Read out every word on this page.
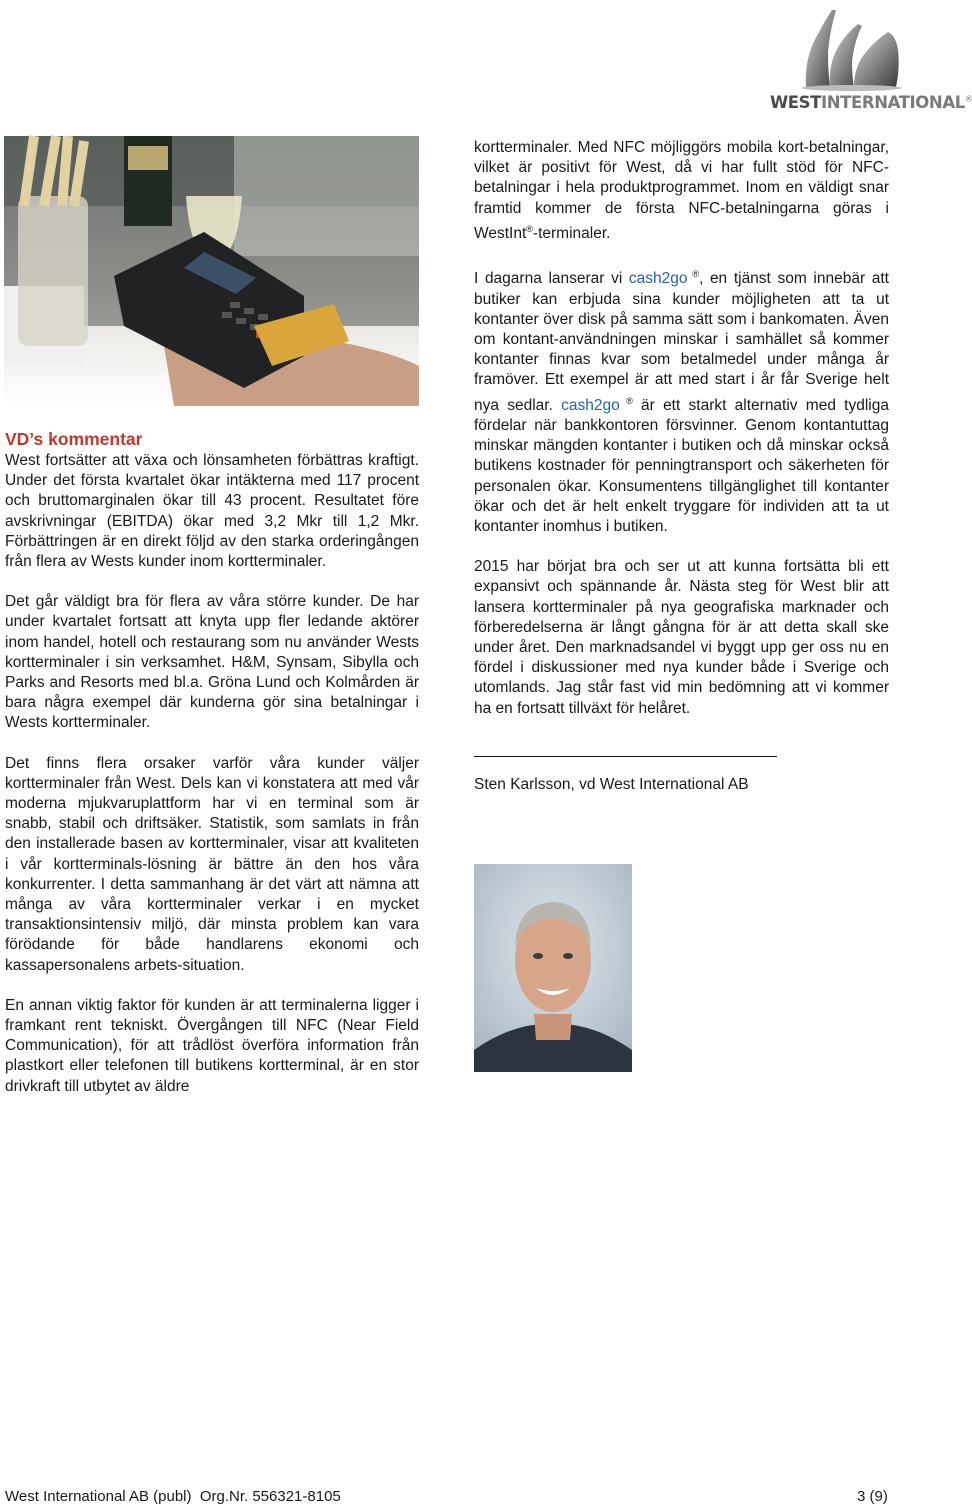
WESTINTERNATIONAL®
VD’s kommentar

West fortsätter att växa och lönsamheten förbättras kraftigt. Under det första kvartalet ökar intäkterna med 117 procent och bruttomarginalen ökar till 43 procent. Resultatet före avskrivningar (EBITDA) ökar med 3,2 Mkr till 1,2 Mkr. Förbättringen är en direkt följd av den starka orderingången från flera av Wests kunder inom kortterminaler.

Det går väldigt bra för flera av våra större kunder. De har under kvartalet fortsatt att knyta upp fler ledande aktörer inom handel, hotell och restaurang som nu använder Wests kortterminaler i sin verksamhet. H&M, Synsam, Sibylla och Parks and Resorts med bl.a. Gröna Lund och Kolmården är bara några exempel där kunderna gör sina betalningar i Wests kortterminaler.

Det finns flera orsaker varför våra kunder väljer kortterminaler från West. Dels kan vi konstatera att med vår moderna mjukvaruplattform har vi en terminal som är snabb, stabil och driftsäker. Statistik, som samlats in från den installerade basen av kortterminaler, visar att kvaliteten i vår kortterminals-lösning är bättre än den hos våra konkurrenter. I detta sammanhang är det värt att nämna att många av våra kortterminaler verkar i en mycket transaktionsintensiv miljö, där minsta problem kan vara förödande för både handlarens ekonomi och kassapersonalens arbets-situation.

En annan viktig faktor för kunden är att terminalerna ligger i framkant rent tekniskt. Övergången till NFC (Near Field Communication), för att trådlöst överföra information från plastkort eller telefonen till butikens kortterminal, är en stor drivkraft till utbytet av äldre

kortterminaler. Med NFC möjliggörs mobila kort-betalningar, vilket är positivt för West, då vi har fullt stöd för NFC-betalningar i hela produktprogrammet. Inom en väldigt snar framtid kommer de första NFC-betalningarna göras i WestInt®-terminaler.

I dagarna lanserar vi cash2go ®, en tjänst som innebär att butiker kan erbjuda sina kunder möjligheten att ta ut kontanter över disk på samma sätt som i bankomaten. Även om kontant-användningen minskar i samhället så kommer kontanter finnas kvar som betalmedel under många år framöver. Ett exempel är att med start i år får Sverige helt nya sedlar. cash2go ® är ett starkt alternativ med tydliga fördelar när bankkontoren försvinner. Genom kontantuttag minskar mängden kontanter i butiken och då minskar också butikens kostnader för penningtransport och säkerheten för personalen ökar. Konsumentens tillgänglighet till kontanter ökar och det är helt enkelt tryggare för individen att ta ut kontanter inomhus i butiken.

2015 har börjat bra och ser ut att kunna fortsätta bli ett expansivt och spännande år. Nästa steg för West blir att lansera kortterminaler på nya geografiska marknader och förberedelserna är långt gångna för är att detta skall ske under året. Den marknadsandel vi byggt upp ger oss nu en fördel i diskussioner med nya kunder både i Sverige och utomlands. Jag står fast vid min bedömning att vi kommer ha en fortsatt tillväxt för helåret.

Sten Karlsson, vd West International AB

West International AB (publ)  Org.Nr. 556321-8105	3 (9)
